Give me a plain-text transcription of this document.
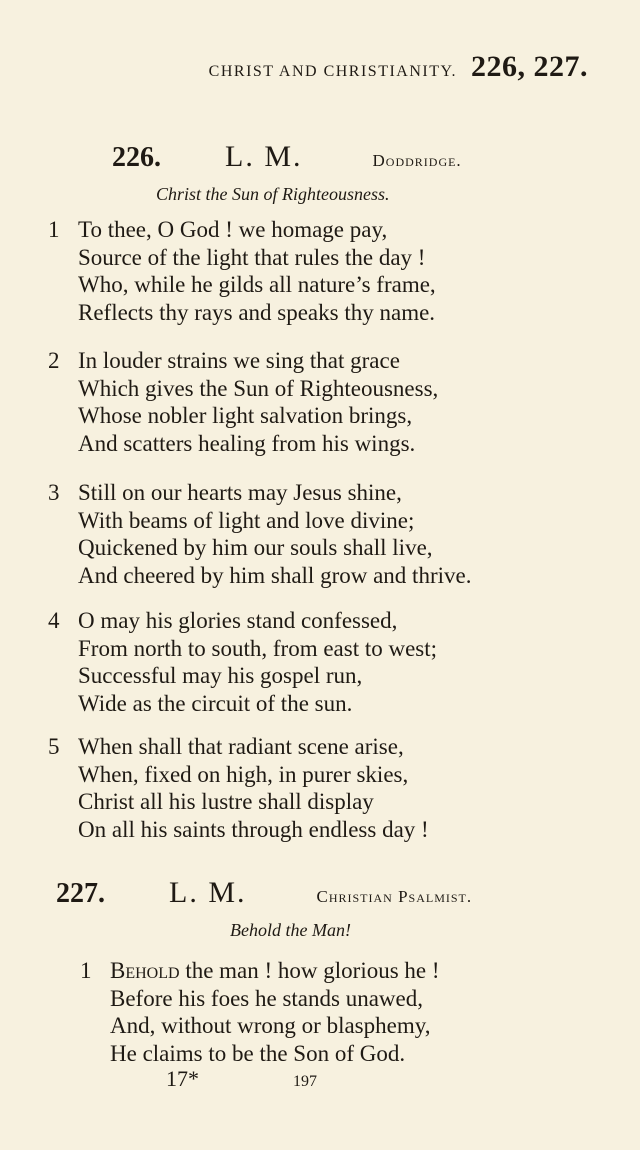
CHRIST AND CHRISTIANITY. 226, 227.
226. L. M.	Doddridge.
Christ the Sun of Righteousness.
1 To thee, O God ! we homage pay,
Source of the light that rules the day !
Who, while he gilds all nature’s frame,
Reflects thy rays and speaks thy name.
2 In louder strains we sing that grace
Which gives the Sun of Righteousness,
Whose nobler light salvation brings,
And scatters healing from his wings.
3 Still on our hearts may Jesus shine,
With beams of light and love divine;
Quickened by him our souls shall live,
And cheered by him shall grow and thrive.
4 O may his glories stand confessed,
From north to south, from east to west;
Successful may his gospel run,
Wide as the circuit of the sun.
5 When shall that radiant scene arise,
When, fixed on high, in purer skies,
Christ all his lustre shall display
On all his saints through endless day !
227. L. M.	Christian Psalmist.
Behold the Man!
1 Behold the man ! how glorious he !
Before his foes he stands unawed,
And, without wrong or blasphemy,
He claims to be the Son of God.
17*	197
